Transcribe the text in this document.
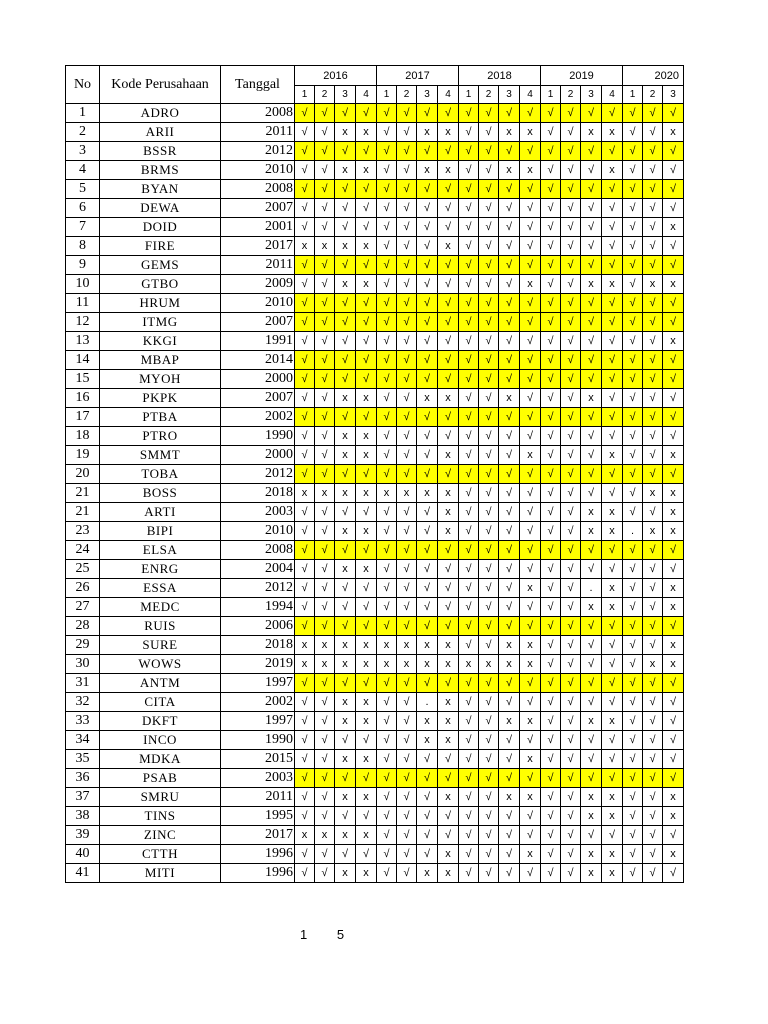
No	Kode Perusahaan	Tanggal	2016				2017				2018				2019				2020		
			1	2	3	4	1	2	3	4	1	2	3	4	1	2	3	4	1	2	3
1	ADRO	2008	√	√	√	√	√	√	√	√	√	√	√	√	√	√	√	√	√	√	√
2	ARII	2011	√	√	x	x	√	√	x	x	√	√	x	x	√	√	x	x	√	√	x
3	BSSR	2012	√	√	√	√	√	√	√	√	√	√	√	√	√	√	√	√	√	√	√
4	BRMS	2010	√	√	x	x	√	√	x	x	√	√	x	x	√	√	√	x	√	√	√
5	BYAN	2008	√	√	√	√	√	√	√	√	√	√	√	√	√	√	√	√	√	√	√
6	DEWA	2007	√	√	√	√	√	√	√	√	√	√	√	√	√	√	√	√	√	√	√
7	DOID	2001	√	√	√	√	√	√	√	√	√	√	√	√	√	√	√	√	√	√	x
8	FIRE	2017	x	x	x	x	√	√	√	x	√	√	√	√	√	√	√	√	√	√	√
9	GEMS	2011	√	√	√	√	√	√	√	√	√	√	√	√	√	√	√	√	√	√	√
10	GTBO	2009	√	√	x	x	√	√	√	√	√	√	√	x	√	√	x	x	√	x	x
11	HRUM	2010	√	√	√	√	√	√	√	√	√	√	√	√	√	√	√	√	√	√	√
12	ITMG	2007	√	√	√	√	√	√	√	√	√	√	√	√	√	√	√	√	√	√	√
13	KKGI	1991	√	√	√	√	√	√	√	√	√	√	√	√	√	√	√	√	√	√	x
14	MBAP	2014	√	√	√	√	√	√	√	√	√	√	√	√	√	√	√	√	√	√	√
15	MYOH	2000	√	√	√	√	√	√	√	√	√	√	√	√	√	√	√	√	√	√	√
16	PKPK	2007	√	√	x	x	√	√	x	x	√	√	x	√	√	√	x	√	√	√	√
17	PTBA	2002	√	√	√	√	√	√	√	√	√	√	√	√	√	√	√	√	√	√	√
18	PTRO	1990	√	√	x	x	√	√	√	√	√	√	√	√	√	√	√	√	√	√	√
19	SMMT	2000	√	√	x	x	√	√	√	x	√	√	√	x	√	√	√	x	√	√	x
20	TOBA	2012	√	√	√	√	√	√	√	√	√	√	√	√	√	√	√	√	√	√	√
21	BOSS	2018	x	x	x	x	x	x	x	x	√	√	√	√	√	√	√	√	√	x	x
21	ARTI	2003	√	√	√	√	√	√	√	x	√	√	√	√	√	√	x	x	√	√	x
23	BIPI	2010	√	√	x	x	√	√	√	x	√	√	√	√	√	√	x	x	.	x	x
24	ELSA	2008	√	√	√	√	√	√	√	√	√	√	√	√	√	√	√	√	√	√	√
25	ENRG	2004	√	√	x	x	√	√	√	√	√	√	√	√	√	√	√	√	√	√	√
26	ESSA	2012	√	√	√	√	√	√	√	√	√	√	√	x	√	√	.	x	√	√	x
27	MEDC	1994	√	√	√	√	√	√	√	√	√	√	√	√	√	√	x	x	√	√	x
28	RUIS	2006	√	√	√	√	√	√	√	√	√	√	√	√	√	√	√	√	√	√	√
29	SURE	2018	x	x	x	x	x	x	x	x	√	√	x	x	√	√	√	√	√	√	x
30	WOWS	2019	x	x	x	x	x	x	x	x	x	x	x	x	√	√	√	√	√	x	x
31	ANTM	1997	√	√	√	√	√	√	√	√	√	√	√	√	√	√	√	√	√	√	√
32	CITA	2002	√	√	x	x	√	√	.	x	√	√	√	√	√	√	√	√	√	√	√
33	DKFT	1997	√	√	x	x	√	√	x	x	√	√	x	x	√	√	x	x	√	√	√
34	INCO	1990	√	√	√	√	√	√	x	x	√	√	√	√	√	√	√	√	√	√	√
35	MDKA	2015	√	√	x	x	√	√	√	√	√	√	√	x	√	√	√	√	√	√	√
36	PSAB	2003	√	√	√	√	√	√	√	√	√	√	√	√	√	√	√	√	√	√	√
37	SMRU	2011	√	√	x	x	√	√	√	x	√	√	x	x	√	√	x	x	√	√	x
38	TINS	1995	√	√	√	√	√	√	√	√	√	√	√	√	√	√	x	x	√	√	x
39	ZINC	2017	x	x	x	x	√	√	√	√	√	√	√	√	√	√	√	√	√	√	√
40	CTTH	1996	√	√	√	√	√	√	√	x	√	√	√	x	√	√	x	x	√	√	x
41	MITI	1996	√	√	x	x	√	√	x	x	√	√	√	√	√	√	x	x	√	√	√
1 5
